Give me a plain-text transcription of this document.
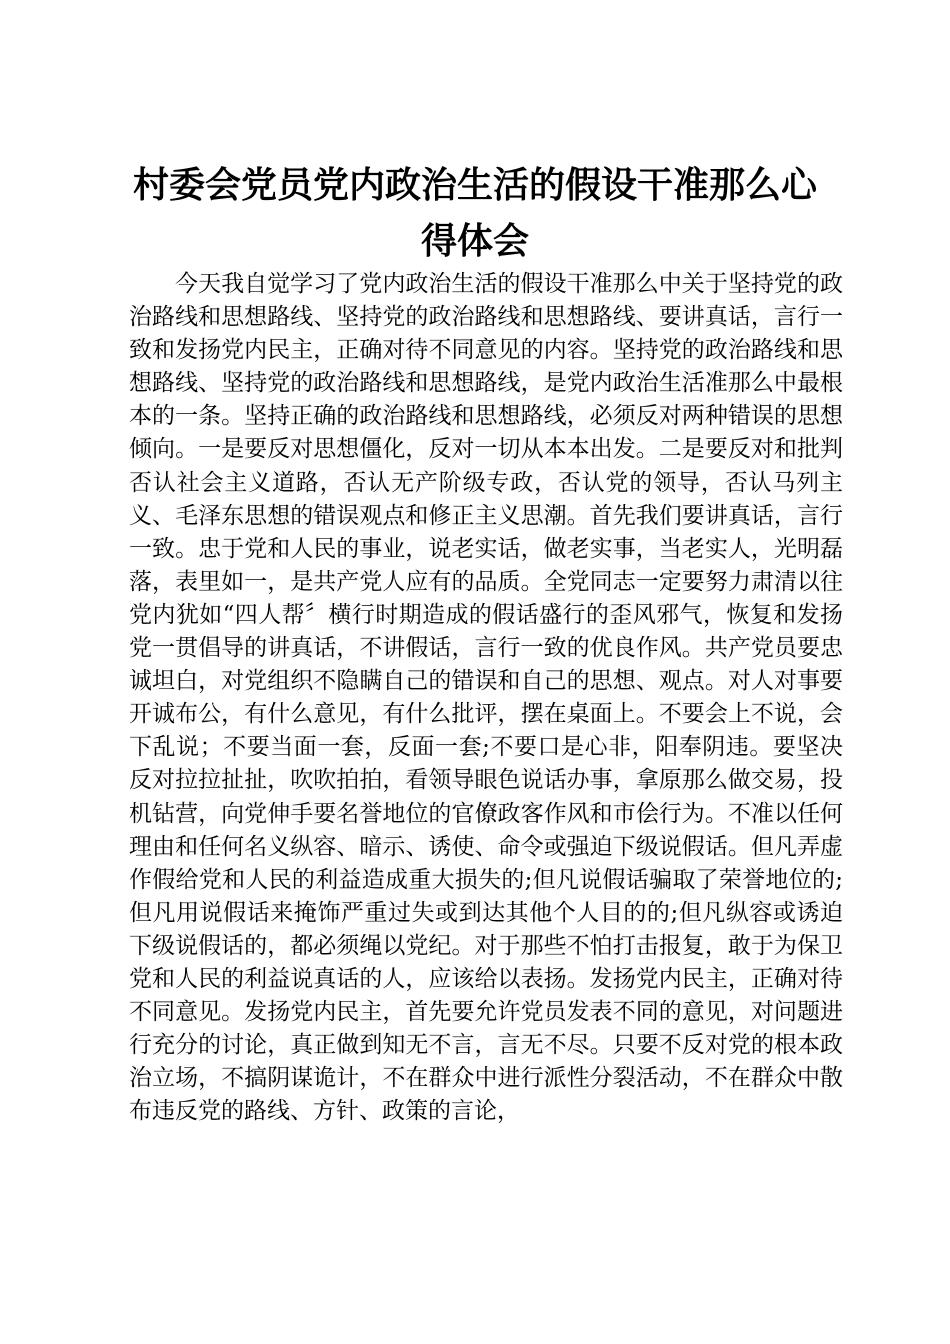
村委会党员党内政治生活的假设干准那么心得体会

今天我自觉学习了党内政治生活的假设干准那么中关于坚持党的政治路线和思想路线、坚持党的政治路线和思想路线、要讲真话，言行一致和发扬党内民主，正确对待不同意见的内容。坚持党的政治路线和思想路线、坚持党的政治路线和思想路线，是党内政治生活准那么中最根本的一条。坚持正确的政治路线和思想路线，必须反对两种错误的思想倾向。一是要反对思想僵化，反对一切从本本出发。二是要反对和批判否认社会主义道路，否认无产阶级专政，否认党的领导，否认马列主义、毛泽东思想的错误观点和修正主义思潮。首先我们要讲真话，言行一致。忠于党和人民的事业，说老实话，做老实事，当老实人，光明磊落，表里如一，是共产党人应有的品质。全党同志一定要努力肃清以往党内犹如“四人帮〞横行时期造成的假话盛行的歪风邪气，恢复和发扬党一贯倡导的讲真话，不讲假话，言行一致的优良作风。共产党员要忠诚坦白，对党组织不隐瞒自己的错误和自己的思想、观点。对人对事要开诚布公，有什么意见，有什么批评，摆在桌面上。不要会上不说，会下乱说；不要当面一套，反面一套;不要口是心非，阳奉阴违。要坚决反对拉拉扯扯，吹吹拍拍，看领导眼色说话办事，拿原那么做交易，投机钻营，向党伸手要名誉地位的官僚政客作风和市侩行为。不准以任何理由和任何名义纵容、暗示、诱使、命令或强迫下级说假话。但凡弄虚作假给党和人民的利益造成重大损失的;但凡说假话骗取了荣誉地位的;但凡用说假话来掩饰严重过失或到达其他个人目的的;但凡纵容或诱迫下级说假话的，都必须绳以党纪。对于那些不怕打击报复，敢于为保卫党和人民的利益说真话的人，应该给以表扬。发扬党内民主，正确对待不同意见。发扬党内民主，首先要允许党员发表不同的意见，对问题进行充分的讨论，真正做到知无不言，言无不尽。只要不反对党的根本政治立场，不搞阴谋诡计，不在群众中进行派性分裂活动，不在群众中散布违反党的路线、方针、政策的言论，
